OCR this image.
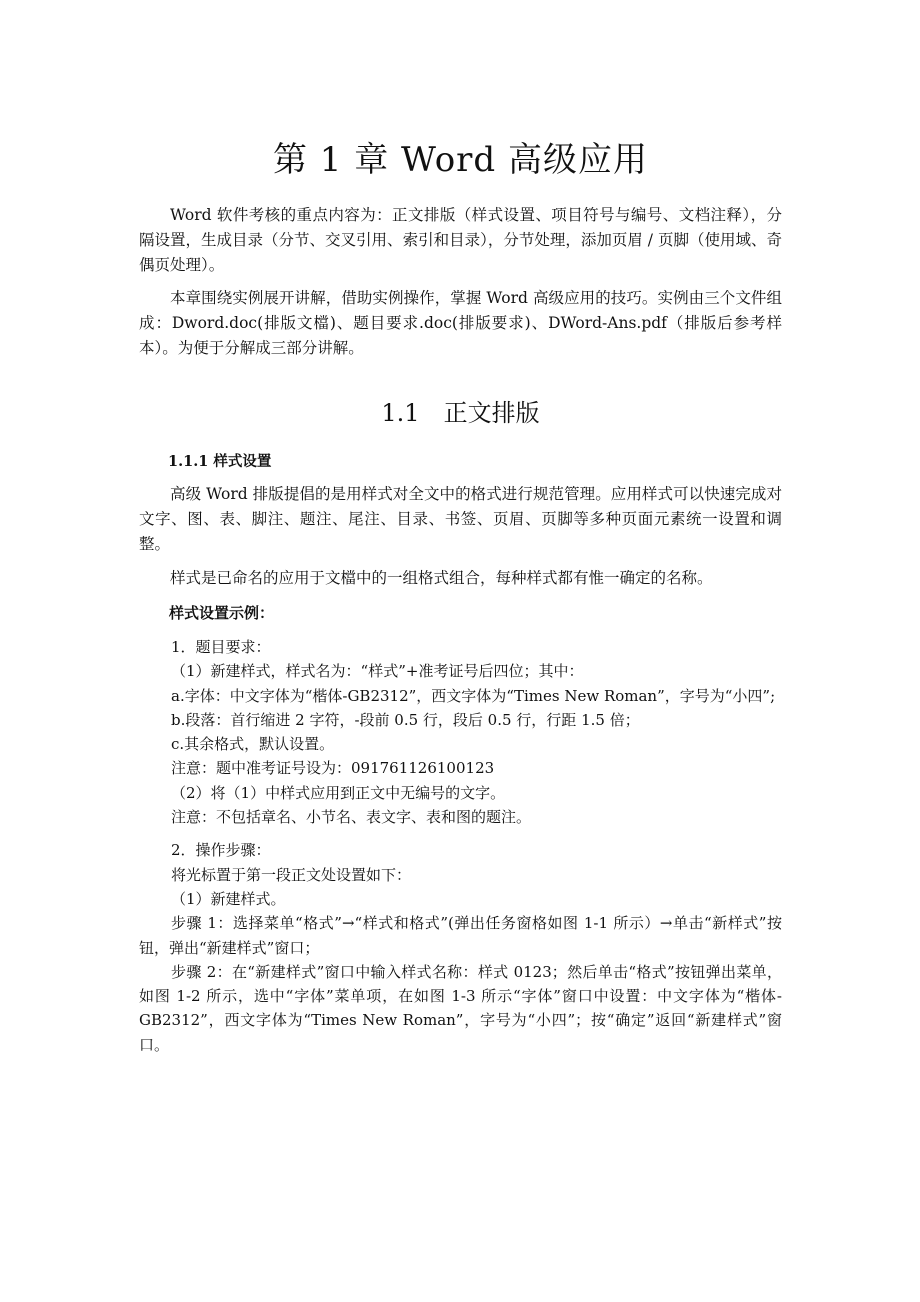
第 1 章 Word 高级应用

Word 软件考核的重点内容为：正文排版（样式设置、项目符号与编号、文档注释），分隔设置，生成目录（分节、交叉引用、索引和目录），分节处理，添加页眉 / 页脚（使用域、奇偶页处理）。

本章围绕实例展开讲解，借助实例操作，掌握 Word 高级应用的技巧。实例由三个文件组成：Dword.doc(排版文檔)、题目要求.doc(排版要求)、DWord-Ans.pdf（排版后参考样本）。为便于分解成三部分讲解。

1.1　正文排版
1.1.1 样式设置

高级 Word 排版提倡的是用样式对全文中的格式进行规范管理。应用样式可以快速完成对文字、图、表、脚注、题注、尾注、目录、书签、页眉、页脚等多种页面元素统一设置和调整。

样式是已命名的应用于文檔中的一组格式组合，每种样式都有惟一确定的名称。

样式设置示例：

1．题目要求：

（1）新建样式，样式名为：“样式”+准考证号后四位；其中：

a.字体：中文字体为“楷体-GB2312”，西文字体为“Times New Roman”，字号为“小四”;

b.段落：首行缩进 2 字符，-段前 0.5 行，段后 0.5 行，行距 1.5 倍；

c.其余格式，默认设置。

注意：题中准考证号设为：091761126100123

（2）将（1）中样式应用到正文中无编号的文字。

注意：不包括章名、小节名、表文字、表和图的题注。

2．操作步骤：

将光标置于第一段正文处设置如下：

（1）新建样式。

步骤 1：选择菜单“格式”→“样式和格式”(弹出任务窗格如图 1-1 所示）→单击“新样式”按钮，弹出“新建样式”窗口；

步骤 2：在“新建样式”窗口中输入样式名称：样式 0123；然后单击“格式”按钮弹出菜单，如图 1-2 所示，选中“字体”菜单项，在如图 1-3 所示“字体”窗口中设置：中文字体为“楷体-GB2312”，西文字体为“Times New Roman”，字号为“小四”；按“确定”返回“新建样式”窗口。
